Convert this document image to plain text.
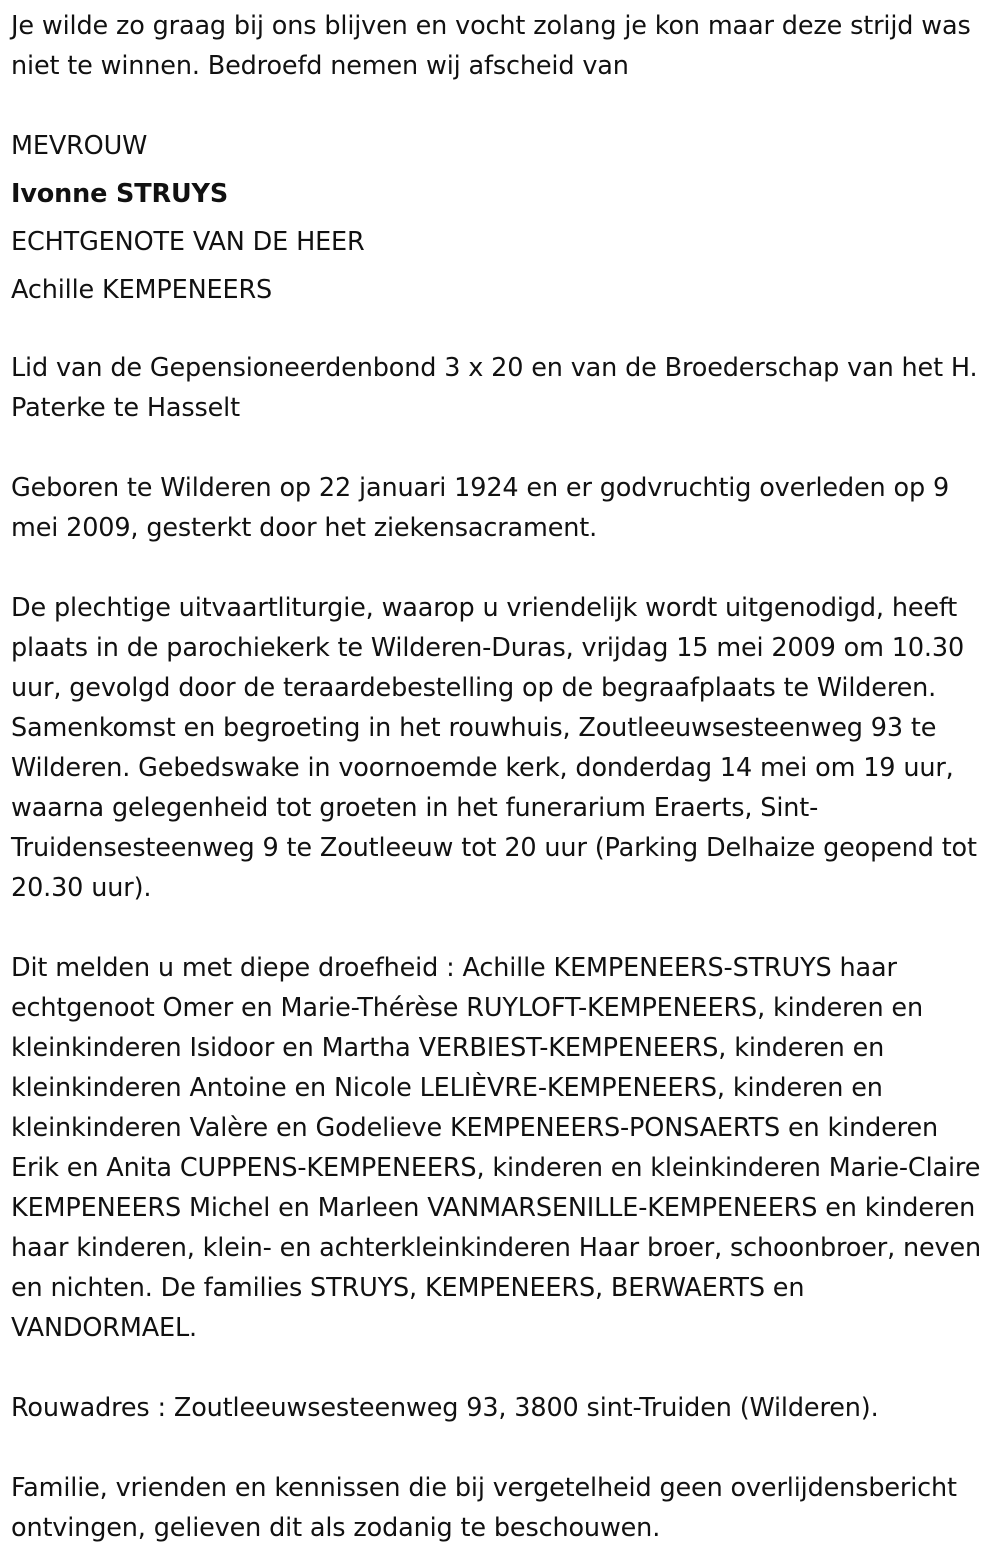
Je wilde zo graag bij ons blijven en vocht zolang je kon maar deze strijd was niet te winnen. Bedroefd nemen wij afscheid van

MEVROUW

Ivonne STRUYS

ECHTGENOTE VAN DE HEER

Achille KEMPENEERS

Lid van de Gepensioneerdenbond 3 x 20 en van de Broederschap van het H. Paterke te Hasselt

Geboren te Wilderen op 22 januari 1924 en er godvruchtig overleden op 9 mei 2009, gesterkt door het ziekensacrament.

De plechtige uitvaartliturgie, waarop u vriendelijk wordt uitgenodigd, heeft plaats in de parochiekerk te Wilderen-Duras, vrijdag 15 mei 2009 om 10.30 uur, gevolgd door de teraardebestelling op de begraafplaats te Wilderen. Samenkomst en begroeting in het rouwhuis, Zoutleeuwsesteenweg 93 te Wilderen. Gebedswake in voornoemde kerk, donderdag 14 mei om 19 uur, waarna gelegenheid tot groeten in het funerarium Eraerts, Sint-Truidensesteenweg 9 te Zoutleeuw tot 20 uur (Parking Delhaize geopend tot 20.30 uur).

Dit melden u met diepe droefheid : Achille KEMPENEERS-STRUYS haar echtgenoot Omer en Marie-Thérèse RUYLOFT-KEMPENEERS, kinderen en kleinkinderen Isidoor en Martha VERBIEST-KEMPENEERS, kinderen en kleinkinderen Antoine en Nicole LELIÈVRE-KEMPENEERS, kinderen en kleinkinderen Valère en Godelieve KEMPENEERS-PONSAERTS en kinderen Erik en Anita CUPPENS-KEMPENEERS, kinderen en kleinkinderen Marie-Claire KEMPENEERS Michel en Marleen VANMARSENILLE-KEMPENEERS en kinderen haar kinderen, klein- en achterkleinkinderen Haar broer, schoonbroer, neven en nichten. De families STRUYS, KEMPENEERS, BERWAERTS en VANDORMAEL.

Rouwadres : Zoutleeuwsesteenweg 93, 3800 sint-Truiden (Wilderen).

Familie, vrienden en kennissen die bij vergetelheid geen overlijdensbericht ontvingen, gelieven dit als zodanig te beschouwen.
